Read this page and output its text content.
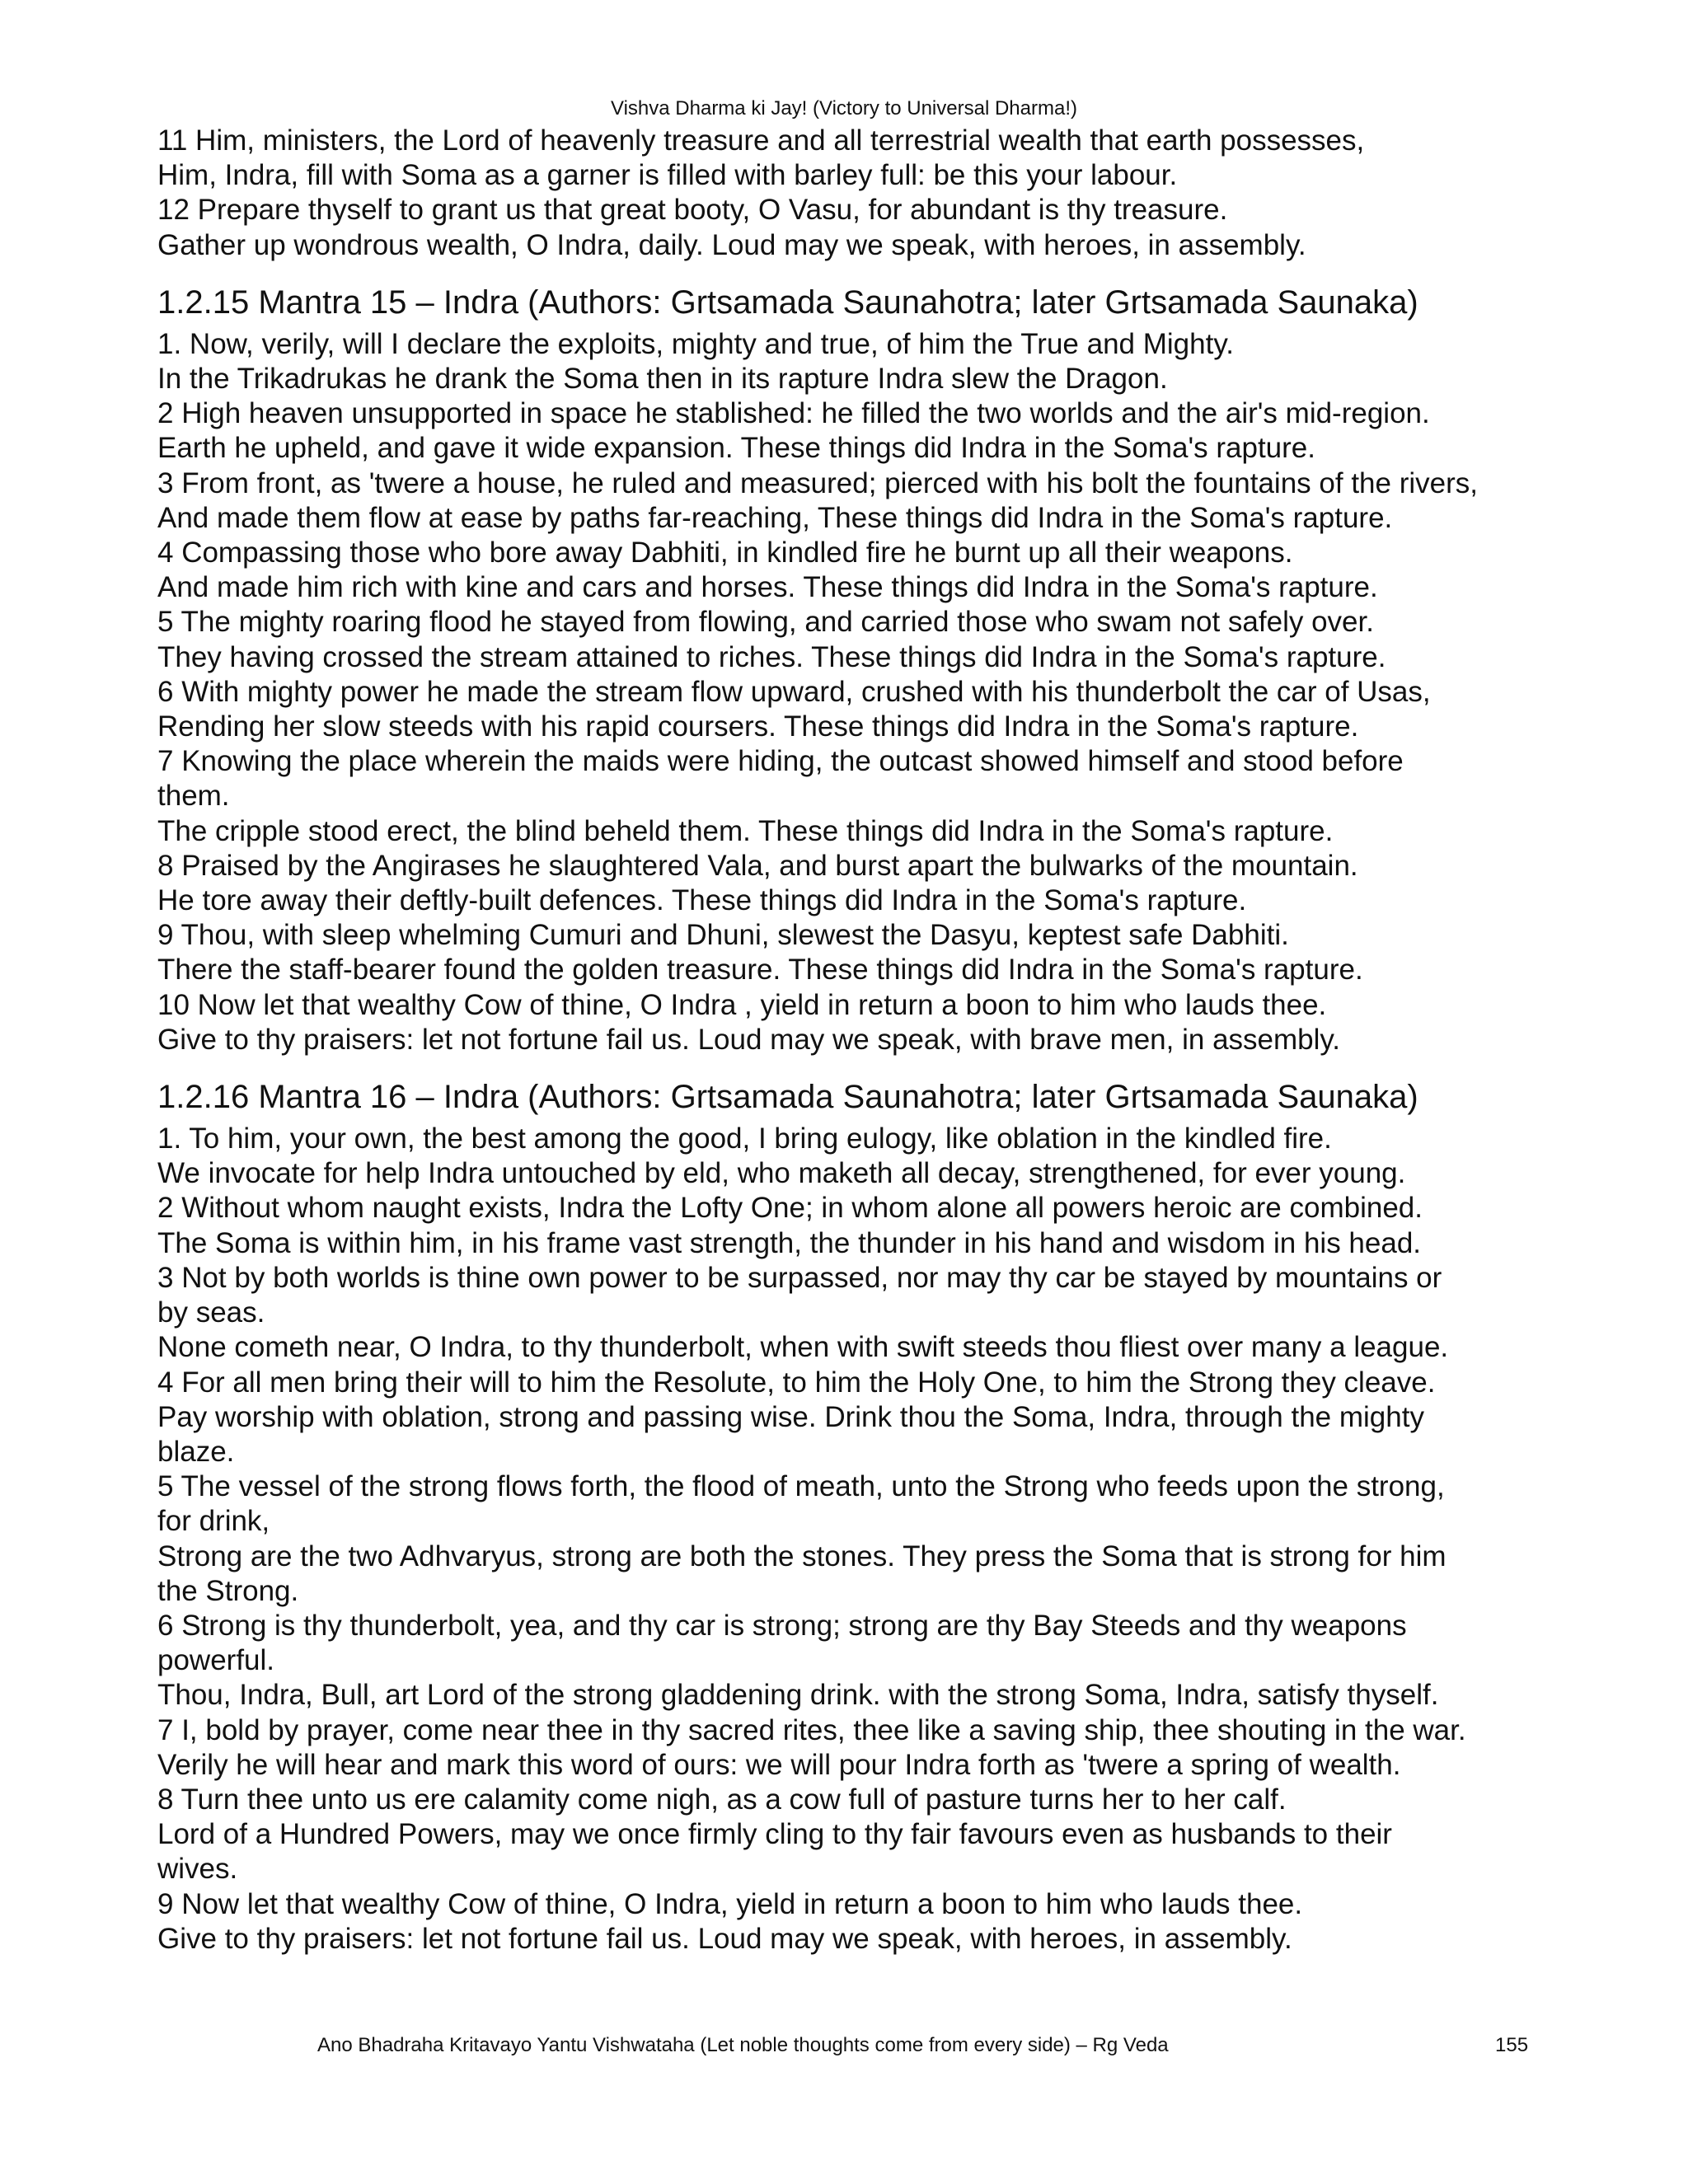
Vishva Dharma ki Jay! (Victory to Universal Dharma!)
11 Him, ministers, the Lord of heavenly treasure and all terrestrial wealth that earth possesses,
Him, Indra, fill with Soma as a garner is filled with barley full: be this your labour.
12 Prepare thyself to grant us that great booty, O Vasu, for abundant is thy treasure.
Gather up wondrous wealth, O Indra, daily. Loud may we speak, with heroes, in assembly.
1.2.15 Mantra 15 – Indra (Authors: Grtsamada Saunahotra; later Grtsamada Saunaka)
1. Now, verily, will I declare the exploits, mighty and true, of him the True and Mighty.
In the Trikadrukas he drank the Soma then in its rapture Indra slew the Dragon.
2 High heaven unsupported in space he stablished: he filled the two worlds and the air's mid-region.
Earth he upheld, and gave it wide expansion. These things did Indra in the Soma's rapture.
3 From front, as 'twere a house, he ruled and measured; pierced with his bolt the fountains of the rivers,
And made them flow at ease by paths far-reaching, These things did Indra in the Soma's rapture.
4 Compassing those who bore away Dabhiti, in kindled fire he burnt up all their weapons.
And made him rich with kine and cars and horses. These things did Indra in the Soma's rapture.
5 The mighty roaring flood he stayed from flowing, and carried those who swam not safely over.
They having crossed the stream attained to riches. These things did Indra in the Soma's rapture.
6 With mighty power he made the stream flow upward, crushed with his thunderbolt the car of Usas,
Rending her slow steeds with his rapid coursers. These things did Indra in the Soma's rapture.
7 Knowing the place wherein the maids were hiding, the outcast showed himself and stood before
them.
The cripple stood erect, the blind beheld them. These things did Indra in the Soma's rapture.
8 Praised by the Angirases he slaughtered Vala, and burst apart the bulwarks of the mountain.
He tore away their deftly-built defences. These things did Indra in the Soma's rapture.
9 Thou, with sleep whelming Cumuri and Dhuni, slewest the Dasyu, keptest safe Dabhiti.
There the staff-bearer found the golden treasure. These things did Indra in the Soma's rapture.
10 Now let that wealthy Cow of thine, O Indra , yield in return a boon to him who lauds thee.
Give to thy praisers: let not fortune fail us. Loud may we speak, with brave men, in assembly.
1.2.16 Mantra 16 – Indra (Authors: Grtsamada Saunahotra; later Grtsamada Saunaka)
1. To him, your own, the best among the good, I bring eulogy, like oblation in the kindled fire.
We invocate for help Indra untouched by eld, who maketh all decay, strengthened, for ever young.
2 Without whom naught exists, Indra the Lofty One; in whom alone all powers heroic are combined.
The Soma is within him, in his frame vast strength, the thunder in his hand and wisdom in his head.
3 Not by both worlds is thine own power to be surpassed, nor may thy car be stayed by mountains or
by seas.
None cometh near, O Indra, to thy thunderbolt, when with swift steeds thou fliest over many a league.
4 For all men bring their will to him the Resolute, to him the Holy One, to him the Strong they cleave.
Pay worship with oblation, strong and passing wise. Drink thou the Soma, Indra, through the mighty
blaze.
5 The vessel of the strong flows forth, the flood of meath, unto the Strong who feeds upon the strong,
for drink,
Strong are the two Adhvaryus, strong are both the stones. They press the Soma that is strong for him
the Strong.
6 Strong is thy thunderbolt, yea, and thy car is strong; strong are thy Bay Steeds and thy weapons
powerful.
Thou, Indra, Bull, art Lord of the strong gladdening drink. with the strong Soma, Indra, satisfy thyself.
7 I, bold by prayer, come near thee in thy sacred rites, thee like a saving ship, thee shouting in the war.
Verily he will hear and mark this word of ours: we will pour Indra forth as 'twere a spring of wealth.
8 Turn thee unto us ere calamity come nigh, as a cow full of pasture turns her to her calf.
Lord of a Hundred Powers, may we once firmly cling to thy fair favours even as husbands to their
wives.
9 Now let that wealthy Cow of thine, O Indra, yield in return a boon to him who lauds thee.
Give to thy praisers: let not fortune fail us. Loud may we speak, with heroes, in assembly.
Ano Bhadraha Kritavayo Yantu Vishwataha (Let noble thoughts come from every side) – Rg Veda	155
